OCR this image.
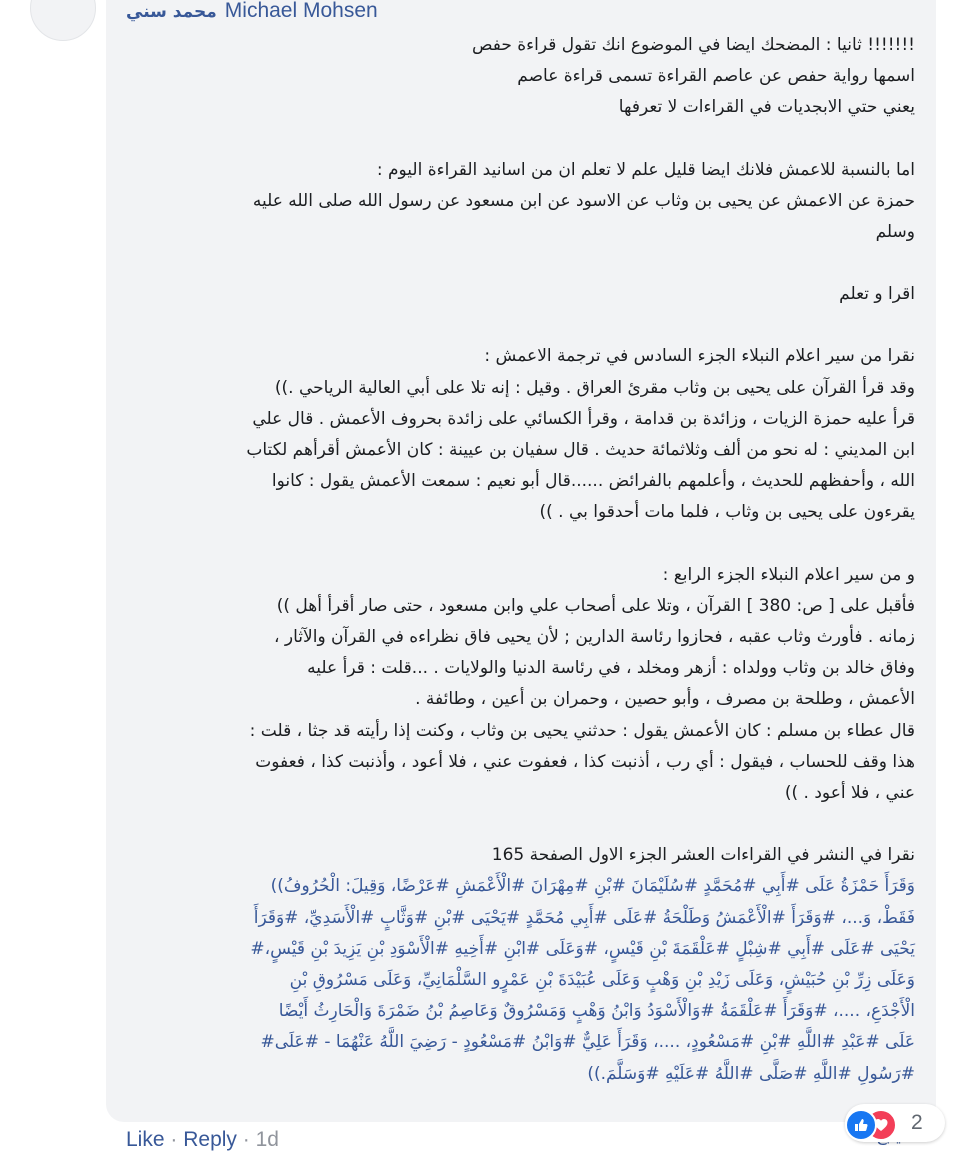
محمد سني Michael Mohsen
!!!!!!! ثانيا : المضحك ايضا في الموضوع انك تقول قراءة حفص
اسمها رواية حفص عن عاصم القراءة تسمى قراءة عاصم
يعني حتي الابجديات في القراءات لا تعرفها
اما بالنسبة للاعمش فلانك ايضا قليل علم لا تعلم ان من اسانيد القراءة اليوم :
حمزة عن الاعمش عن يحيى بن وثاب عن الاسود عن ابن مسعود عن رسول الله صلى الله عليه
وسلم
اقرا و تعلم
نقرا من سير اعلام النبلاء الجزء السادس في ترجمة الاعمش :
وقد قرأ القرآن على يحيى بن وثاب مقرئ العراق . وقيل : إنه تلا على أبي العالية الرياحي .))
قرأ عليه حمزة الزيات ، وزائدة بن قدامة ، وقرأ الكسائي على زائدة بحروف الأعمش . قال علي
ابن المديني : له نحو من ألف وثلاثمائة حديث . قال سفيان بن عيينة : كان الأعمش أقرأهم لكتاب
الله ، وأحفظهم للحديث ، وأعلمهم بالفرائض ......قال أبو نعيم : سمعت الأعمش يقول : كانوا
يقرءون على يحيى بن وثاب ، فلما مات أحدقوا بي . ))
و من سير اعلام النبلاء الجزء الرابع :
فأقبل على [ ص: 380 ] القرآن ، وتلا على أصحاب علي وابن مسعود ، حتى صار أقرأ أهل ))
زمانه . فأورث وثاب عقبه ، فحازوا رئاسة الدارين ; لأن يحيى فاق نظراءه في القرآن والآثار ،
وفاق خالد بن وثاب وولداه : أزهر ومخلد ، في رئاسة الدنيا والولايات . ...قلت : قرأ عليه
الأعمش ، وطلحة بن مصرف ، وأبو حصين ، وحمران بن أعين ، وطائفة .
قال عطاء بن مسلم : كان الأعمش يقول : حدثني يحيى بن وثاب ، وكنت إذا رأيته قد جثا ، قلت :
هذا وقف للحساب ، فيقول : أي رب ، أذنبت كذا ، فعفوت عني ، فلا أعود ، وأذنبت كذا ، فعفوت
عني ، فلا أعود . ))
نقرا في النشر في القراءات العشر الجزء الاول الصفحة 165
وَقَرَأَ حَمْزَةُ عَلَى #أَبِي #مُحَمَّدٍ #سُلَيْمَانَ #بْنِ #مِهْرَانَ #الْأَعْمَشِ #عَرْضًا، وَقِيلَ: الْحُرُوفُ))
فَقَطْ، وَ...، #وَقَرَأَ #الْأَعْمَشُ وَطَلْحَةُ #عَلَى #أَبِي مُحَمَّدٍ #يَحْيَى #بْنِ #وَثَّابٍ #الْأَسَدِيِّ، #وَقَرَأَ
يَحْيَى #عَلَى #أَبِي #شِبْلٍ #عَلْقَمَةَ بْنِ قَيْسٍ، #وَعَلَى #ابْنِ #أَخِيهِ #الْأَسْوَدِ بْنِ يَزِيدَ بْنِ قَيْسٍ،#
وَعَلَى زِرِّ بْنِ حُبَيْشٍ، وَعَلَى زَيْدِ بْنِ وَهْبٍ وَعَلَى عُبَيْدَةَ بْنِ عَمْرٍو السَّلْمَانِيِّ، وَعَلَى مَسْرُوقِ بْنِ
الْأَجْدَعِ، ....، #وَقَرَأَ #عَلْقَمَةُ #وَالْأَسْوَدُ وَابْنُ وَهْبٍ وَمَسْرُوقٌ وَعَاصِمُ بْنُ ضَمْرَةَ وَالْحَارِثُ أَيْضًا
عَلَى #عَبْدِ #اللَّهِ #بْنِ #مَسْعُودٍ، ....، وَقَرَأَ عَلِيٌّ #وَابْنُ #مَسْعُودٍ - رَضِيَ اللَّهُ عَنْهُمَا - #عَلَى#
#رَسُولِ #اللَّهِ #صَلَّى #اللَّهُ #عَلَيْهِ #وَسَلَّمَ.))
Like · Reply · 1d
2
